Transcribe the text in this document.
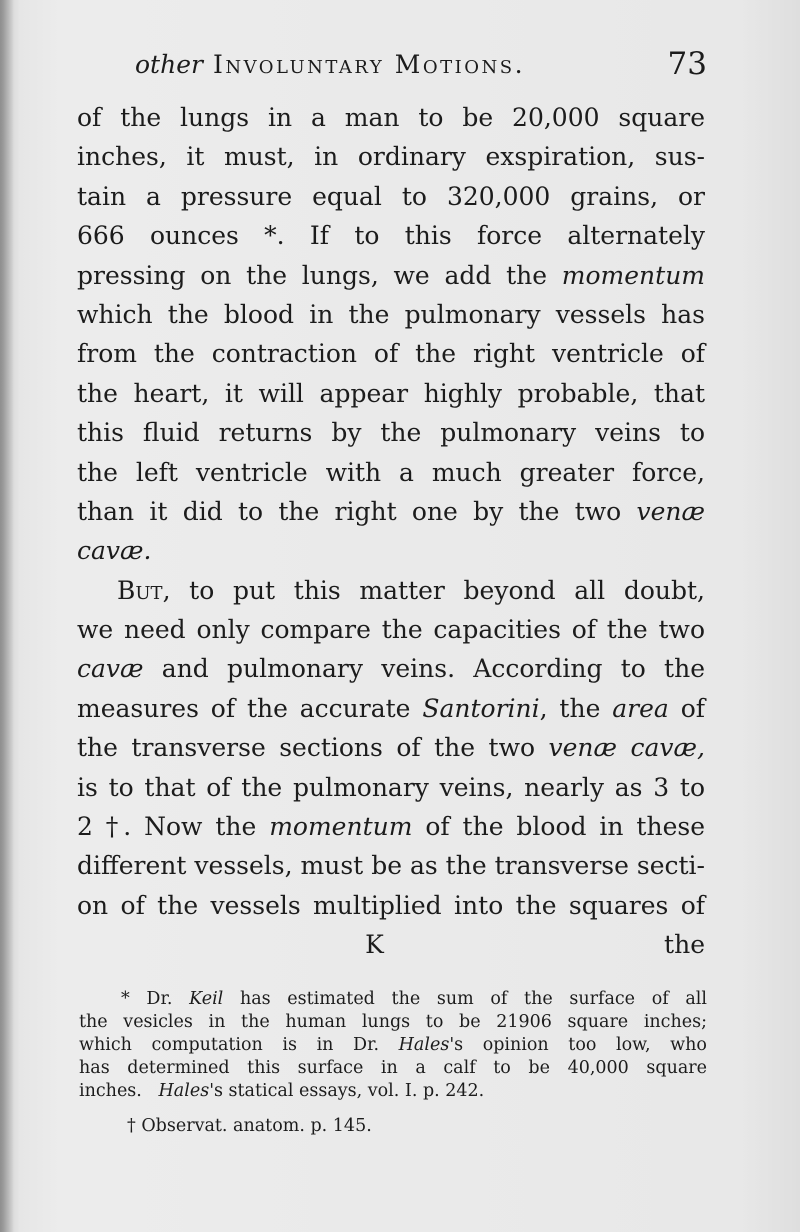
other Involuntary Motions.	73
of the lungs in a man to be 20,000 square
inches, it must, in ordinary exspiration, sus-
tain a pressure equal to 320,000 grains, or
666 ounces *. If to this force alternately
pressing on the lungs, we add the momentum
which the blood in the pulmonary vessels has
from the contraction of the right ventricle of
the heart, it will appear highly probable, that
this fluid returns by the pulmonary veins to
the left ventricle with a much greater force,
than it did to the right one by the two venæ
cavæ.
But, to put this matter beyond all doubt,
we need only compare the capacities of the two
cavæ and pulmonary veins. According to the
measures of the accurate Santorini, the area of
the transverse sections of the two venæ cavæ,
is to that of the pulmonary veins, nearly as 3 to
2 †. Now the momentum of the blood in these
different vessels, must be as the transverse secti-
on of the vessels multiplied into the squares of
K	the
* Dr. Keil has estimated the sum of the surface of all
the vesicles in the human lungs to be 21906 square inches;
which computation is in Dr. Hales's opinion too low, who
has determined this surface in a calf to be 40,000 square
inches. Hales's statical essays, vol. I. p. 242.
† Observat. anatom. p. 145.
